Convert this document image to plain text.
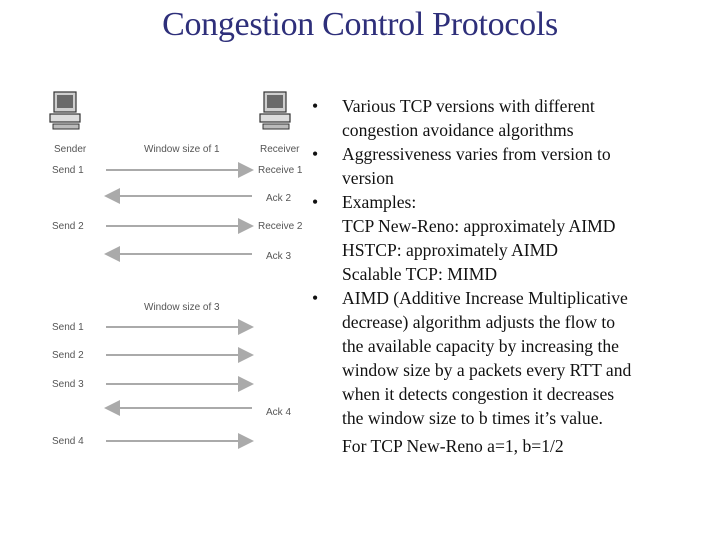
Congestion Control Protocols
Sender	Receiver
Window size of 1
Send 1	Receive 1
Ack 2
Send 2	Receive 2
Ack 3
Window size of 3
Send 1
Send 2
Send 3
Ack 4
Send 4
• Various TCP versions with different
congestion avoidance algorithms
• Aggressiveness varies from version to
version
• Examples:
TCP New-Reno: approximately AIMD
HSTCP: approximately AIMD
Scalable TCP: MIMD
• AIMD (Additive Increase Multiplicative
decrease) algorithm adjusts the flow to
the available capacity by increasing the
window size by a packets every RTT and
when it detects congestion it decreases
the window size to b times it’s value.
For TCP New-Reno a=1, b=1/2
